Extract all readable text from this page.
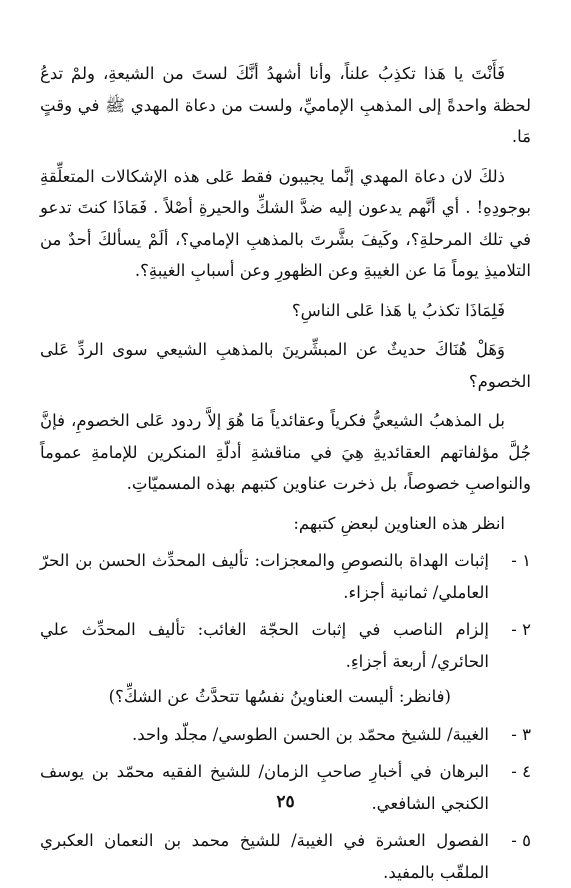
فَأَنْتَ يا هَذا تكذِبُ علناً، وأنا أشهدُ أنَّكَ لستَ من الشيعةِ، ولمْ تدعُ لحظة واحدةً إلى المذهبِ الإماميِّ، ولست من دعاة المهدي ﷺ في وقتٍ مَا.

ذلكَ لان دعاة المهدي إنَّما يجيبون فقط عَلى هذه الإشكالات المتعلِّقةِ بوجودِهِ! . أي أنَّهم يدعون إليه ضدَّ الشكِّ والحيرةِ أصْلاً . فَمَاذَا كنتَ تدعو في تلك المرحلةِ؟، وكَيفَ بشَّرتَ بالمذهبِ الإمامي؟، ألَمْ يسألكَ أحدٌ من التلاميذِ يوماً مَا عن الغيبةِ وعن الظهورِ وعن أسبابِ الغيبةِ؟.

فَلِمَاذَا تكذبُ يا هَذا عَلى الناسِ؟

وَهَلْ هُنَاكَ حديثٌ عن المبشِّرينَ بالمذهبِ الشيعي سوى الردِّ عَلى الخصوم؟

بل المذهبُ الشيعيُّ فكرياً وعقائدياً مَا هُوَ إلاَّ ردود عَلى الخصومِ، فإنَّ جُلَّ مؤلفاتهم العقائديةِ هِيَ في مناقشةِ أدلّةِ المنكرين للإمامةِ عموماً والنواصبِ خصوصاً، بل ذخرت عناوين كتبهم بهذه المسميّاتِ.

انظر هذه العناوين لبعضِ كتبهم:

١ -
إثبات الهداة بالنصوصِ والمعجزات: تأليف المحدِّث الحسن بن الحرّ العاملي/ ثمانية أجزاء.
٢ -
إلزام الناصب في إثبات الحجّة الغائب: تأليف المحدِّث علي الحائري/ أربعة أجزاءِ.

(فانظر: أليست العناوينُ نفسُها تتحدَّثُ عن الشكِّ؟)

٣ -
الغيبة/ للشيخ محمّد بن الحسن الطوسي/ مجلّد واحد.
٤ -
البرهان في أخبارِ صاحبِ الزمان/ للشيخ الفقيه محمّد بن يوسف الكنجي الشافعي.
٥ -
الفصول العشرة في الغيبة/ للشيخ محمد بن النعمان العكبري الملقّب بالمفيد.
٢٥
